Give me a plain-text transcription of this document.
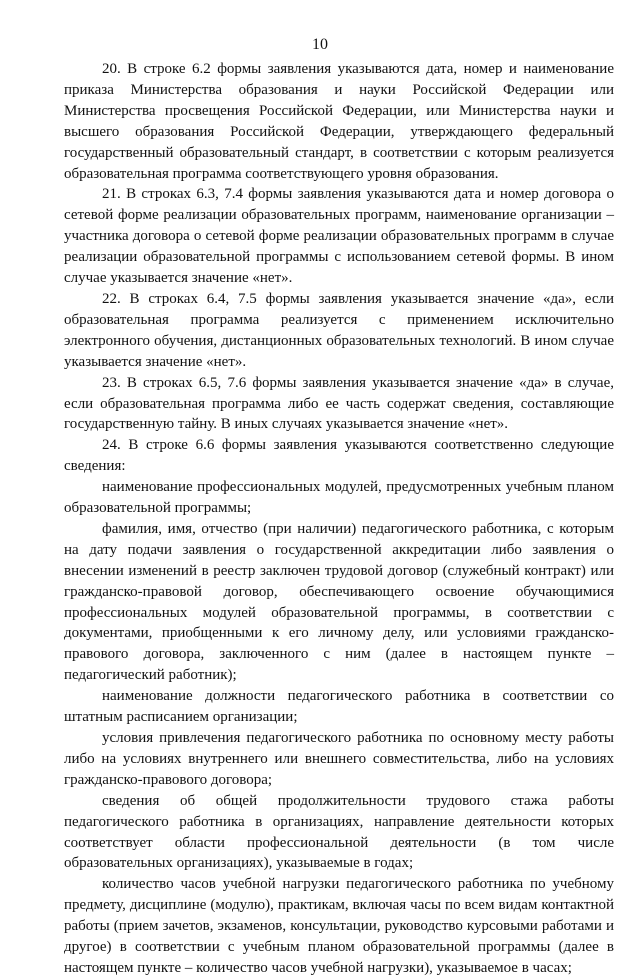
10

20. В строке 6.2 формы заявления указываются дата, номер и наименование приказа Министерства образования и науки Российской Федерации или Министерства просвещения Российской Федерации, или Министерства науки и высшего образования Российской Федерации, утверждающего федеральный государственный образовательный стандарт, в соответствии с которым реализуется образовательная программа соответствующего уровня образования.

21. В строках 6.3, 7.4 формы заявления указываются дата и номер договора о сетевой форме реализации образовательных программ, наименование организации – участника договора о сетевой форме реализации образовательных программ в случае реализации образовательной программы с использованием сетевой формы. В ином случае указывается значение «нет».

22. В строках 6.4, 7.5 формы заявления указывается значение «да», если образовательная программа реализуется с применением исключительно электронного обучения, дистанционных образовательных технологий. В ином случае указывается значение «нет».

23. В строках 6.5, 7.6 формы заявления указывается значение «да» в случае, если образовательная программа либо ее часть содержат сведения, составляющие государственную тайну. В иных случаях указывается значение «нет».

24. В строке 6.6 формы заявления указываются соответственно следующие сведения:

наименование профессиональных модулей, предусмотренных учебным планом образовательной программы;

фамилия, имя, отчество (при наличии) педагогического работника, с которым на дату подачи заявления о государственной аккредитации либо заявления о внесении изменений в реестр заключен трудовой договор (служебный контракт) или гражданско-правовой договор, обеспечивающего освоение обучающимися профессиональных модулей образовательной программы, в соответствии с документами, приобщенными к его личному делу, или условиями гражданско-правового договора, заключенного с ним (далее в настоящем пункте – педагогический работник);

наименование должности педагогического работника в соответствии со штатным расписанием организации;

условия привлечения педагогического работника по основному месту работы либо на условиях внутреннего или внешнего совместительства, либо на условиях гражданско-правового договора;

сведения об общей продолжительности трудового стажа работы педагогического работника в организациях, направление деятельности которых соответствует области профессиональной деятельности (в том числе образовательных организациях), указываемые в годах;

количество часов учебной нагрузки педагогического работника по учебному предмету, дисциплине (модулю), практикам, включая часы по всем видам контактной работы (прием зачетов, экзаменов, консультации, руководство курсовыми работами и другое) в соответствии с учебным планом образовательной программы (далее в настоящем пункте – количество часов учебной нагрузки), указываемое в часах;
